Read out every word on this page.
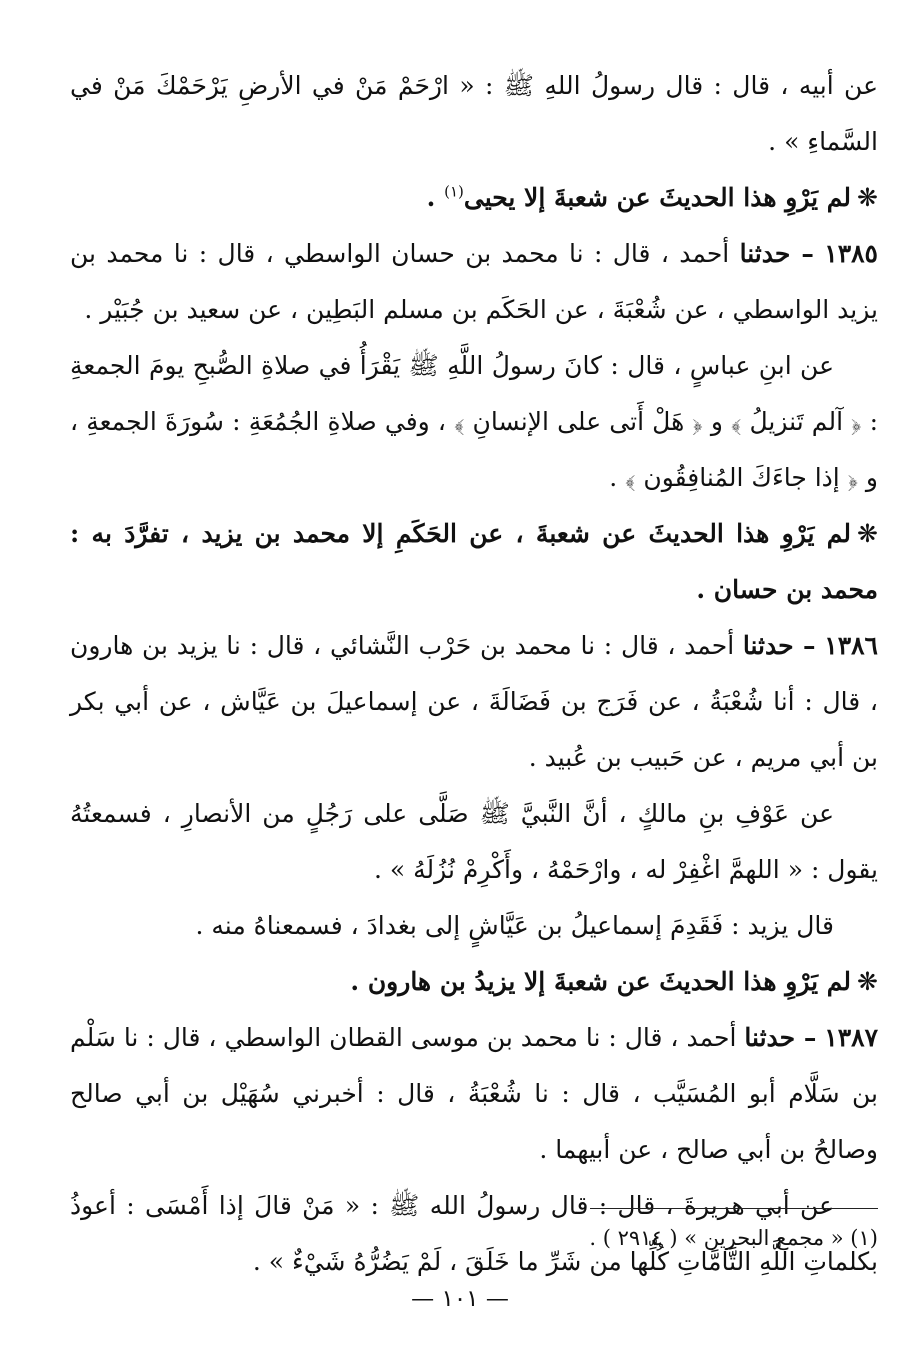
عن أبيه ، قال : قال رسولُ اللهِ ﷺ : « ارْحَمْ مَنْ في الأرضِ يَرْحَمْكَ مَنْ في السَّماءِ » .

❋لم يَرْوِ هذا الحديثَ عن شعبةَ إلا يحيى$^{(١)}$ .

١٣٨٥ – حدثنا أحمد ، قال : نا محمد بن حسان الواسطي ، قال : نا محمد بن يزيد الواسطي ، عن شُعْبَةَ ، عن الحَكَم بن مسلم البَطِين ، عن سعيد بن جُبَيْر .

عن ابنِ عباسٍ ، قال : كانَ رسولُ اللَّهِ ﷺ يَقْرَأُ في صلاةِ الصُّبحِ يومَ الجمعةِ : ﴿ آلم تَنزيلُ ﴾ و ﴿ هَلْ أَتى على الإنسانِ ﴾ ، وفي صلاةِ الجُمُعَةِ : سُورَةَ الجمعةِ ، و ﴿ إذا جاءَكَ المُنافِقُون ﴾ .

❋لم يَرْوِ هذا الحديثَ عن شعبةَ ، عن الحَكَمِ إلا محمد بن يزيد ، تفرَّدَ به : محمد بن حسان .

١٣٨٦ – حدثنا أحمد ، قال : نا محمد بن حَرْب النَّشائي ، قال : نا يزيد بن هارون ، قال : أنا شُعْبَةُ ، عن فَرَج بن فَضَالَةَ ، عن إسماعيلَ بن عَيَّاش ، عن أبي بكر بن أبي مريم ، عن حَبيب بن عُبيد .

عن عَوْفِ بنِ مالكٍ ، أنَّ النَّبيَّ ﷺ صَلَّى على رَجُلٍ من الأنصارِ ، فسمعتُهُ يقول : « اللهمَّ اغْفِرْ له ، وارْحَمْهُ ، وأَكْرِمْ نُزُلَهُ » .

قال يزيد : فَقَدِمَ إسماعيلُ بن عَيَّاشٍ إلى بغدادَ ، فسمعناهُ منه .

❋لم يَرْوِ هذا الحديثَ عن شعبةَ إلا يزيدُ بن هارون .

١٣٨٧ – حدثنا أحمد ، قال : نا محمد بن موسى القطان الواسطي ، قال : نا سَلْم بن سَلَّام أبو المُسَيَّب ، قال : نا شُعْبَةُ ، قال : أخبرني سُهَيْل بن أبي صالح وصالحُ بن أبي صالح ، عن أبيهما .

عن أبي هريرةَ ، قال : قال رسولُ الله ﷺ : « مَنْ قالَ إذا أَمْسَى : أعوذُ بكلماتِ اللَّهِ التَّامَّاتِ كُلِّها من شَرِّ ما خَلَقَ ، لَمْ يَضُرُّهُ شَيْءٌ » .

(١) « مجمع البحرين » ( ٢٩١٤ ) .
— ١٠١ —
